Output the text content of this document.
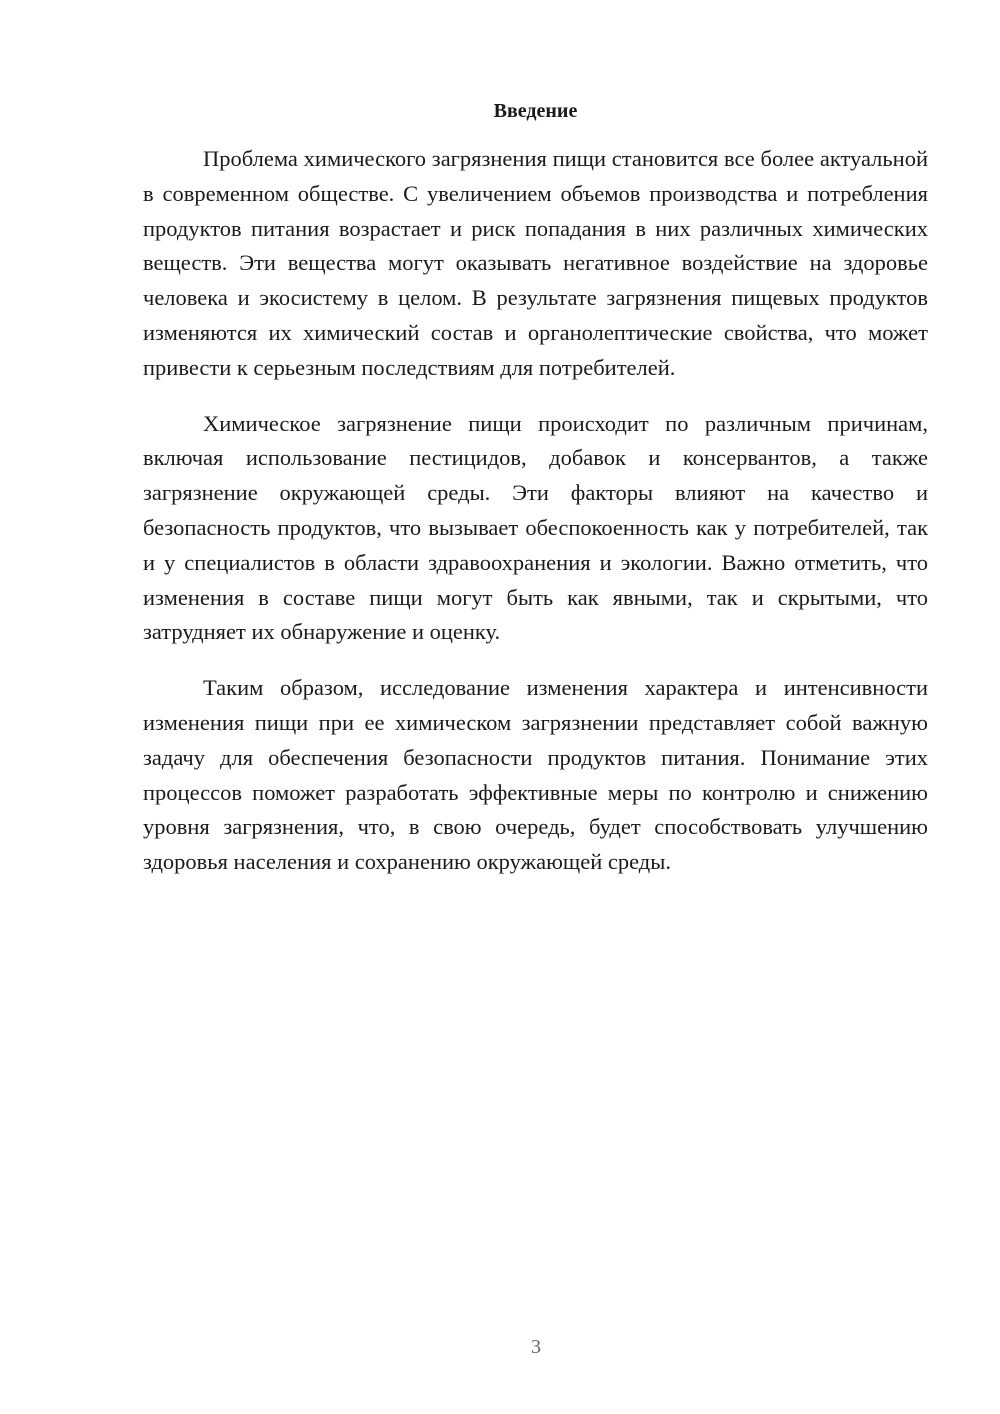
Введение

Проблема химического загрязнения пищи становится все более актуальной в современном обществе. С увеличением объемов производства и потребления продуктов питания возрастает и риск попадания в них различных химических веществ. Эти вещества могут оказывать негативное воздействие на здоровье человека и экосистему в целом. В результате загрязнения пищевых продуктов изменяются их химический состав и органолептические свойства, что может привести к серьезным последствиям для потребителей.

Химическое загрязнение пищи происходит по различным причинам, включая использование пестицидов, добавок и консервантов, а также загрязнение окружающей среды. Эти факторы влияют на качество и безопасность продуктов, что вызывает обеспокоенность как у потребителей, так и у специалистов в области здравоохранения и экологии. Важно отметить, что изменения в составе пищи могут быть как явными, так и скрытыми, что затрудняет их обнаружение и оценку.

Таким образом, исследование изменения характера и интенсивности изменения пищи при ее химическом загрязнении представляет собой важную задачу для обеспечения безопасности продуктов питания. Понимание этих процессов поможет разработать эффективные меры по контролю и снижению уровня загрязнения, что, в свою очередь, будет способствовать улучшению здоровья населения и сохранению окружающей среды.

3
